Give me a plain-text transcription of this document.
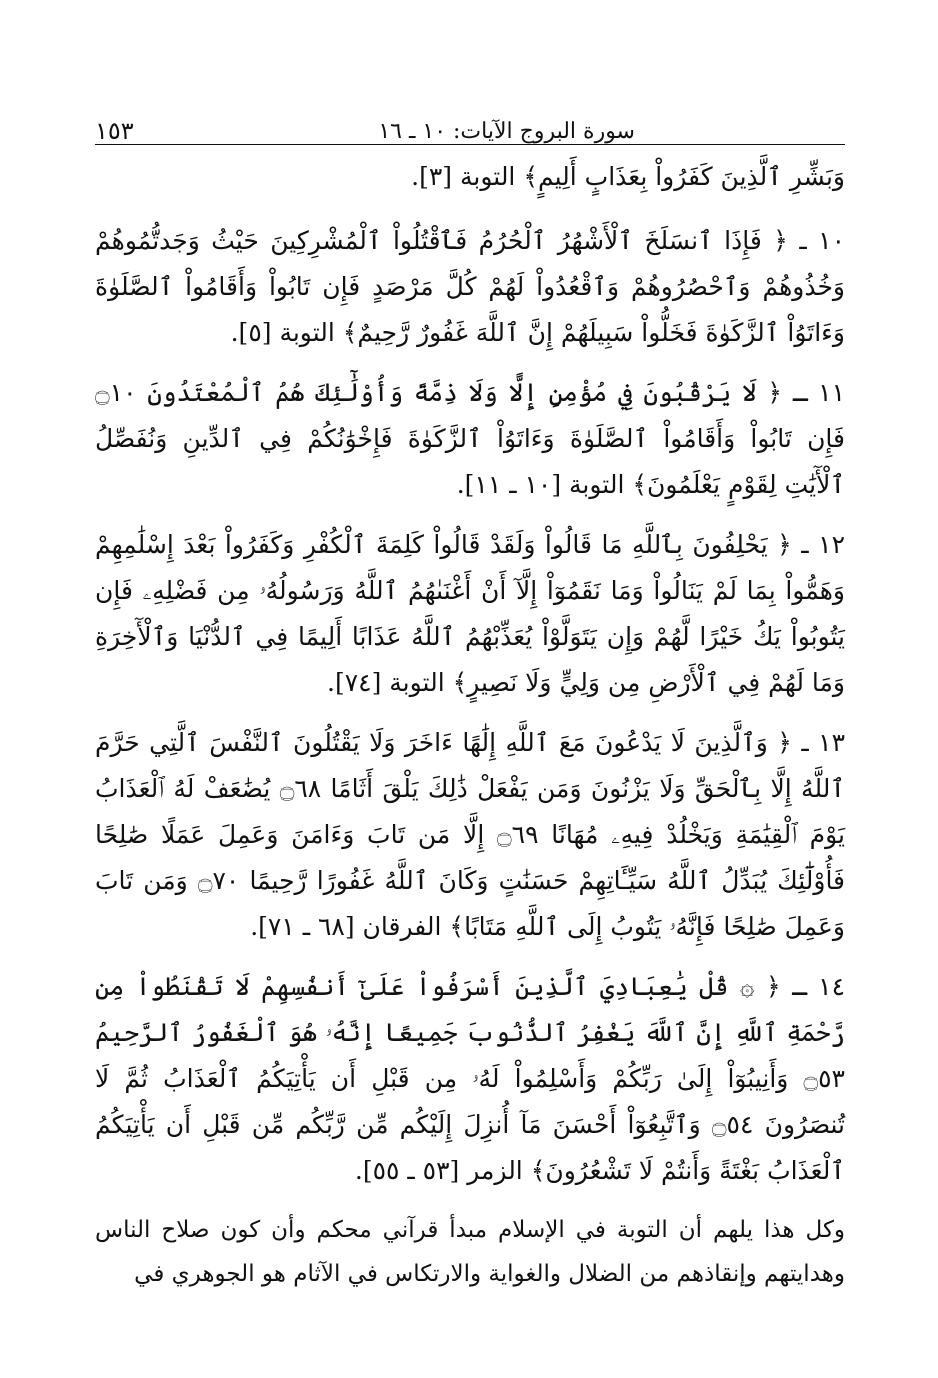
سورة البروج الآيات: ١٠ ـ ١٦
١٥٣

وَبَشِّرِ ٱلَّذِينَ كَفَرُواْ بِعَذَابٍ أَلِيمٍ﴾ التوبة [٣].

١٠ ـ ﴿ فَإِذَا ٱنسَلَخَ ٱلْأَشْهُرُ ٱلْحُرُمُ فَٱقْتُلُواْ ٱلْمُشْرِكِينَ حَيْثُ وَجَدتُّمُوهُمْ وَخُذُوهُمْ وَٱحْصُرُوهُمْ وَٱقْعُدُواْ لَهُمْ كُلَّ مَرْصَدٍ فَإِن تَابُواْ وَأَقَامُواْ ٱلصَّلَوٰةَ وَءَاتَوُاْ ٱلزَّكَوٰةَ فَخَلُّواْ سَبِيلَهُمْ إِنَّ ٱللَّهَ غَفُورٌ رَّحِيمٌ﴾ التوبة [٥].

١١ ـ ﴿ لَا يَرْقُبُونَ فِي مُؤْمِنٍ إِلًّا وَلَا ذِمَّةً وَأُوْلَٰٓئِكَ هُمُ ٱلْمُعْتَدُونَ ۝١٠ فَإِن تَابُواْ وَأَقَامُواْ ٱلصَّلَوٰةَ وَءَاتَوُاْ ٱلزَّكَوٰةَ فَإِخْوَٰنُكُمْ فِي ٱلدِّينِ وَنُفَصِّلُ ٱلْأٓيَٰتِ لِقَوْمٍ يَعْلَمُونَ﴾ التوبة [١٠ ـ ١١].

١٢ ـ ﴿ يَحْلِفُونَ بِٱللَّهِ مَا قَالُواْ وَلَقَدْ قَالُواْ كَلِمَةَ ٱلْكُفْرِ وَكَفَرُواْ بَعْدَ إِسْلَٰمِهِمْ وَهَمُّواْ بِمَا لَمْ يَنَالُواْ وَمَا نَقَمُوٓاْ إِلَّآ أَنْ أَغْنَىٰهُمُ ٱللَّهُ وَرَسُولُهُۥ مِن فَضْلِهِۦ فَإِن يَتُوبُواْ يَكُ خَيْرًا لَّهُمْ وَإِن يَتَوَلَّوْاْ يُعَذِّبْهُمُ ٱللَّهُ عَذَابًا أَلِيمًا فِي ٱلدُّنْيَا وَٱلْأٓخِرَةِ وَمَا لَهُمْ فِي ٱلْأَرْضِ مِن وَلِيٍّ وَلَا نَصِيرٍ﴾ التوبة [٧٤].

١٣ ـ ﴿ وَٱلَّذِينَ لَا يَدْعُونَ مَعَ ٱللَّهِ إِلَٰهًا ءَاخَرَ وَلَا يَقْتُلُونَ ٱلنَّفْسَ ٱلَّتِي حَرَّمَ ٱللَّهُ إِلَّا بِٱلْحَقِّ وَلَا يَزْنُونَ وَمَن يَفْعَلْ ذَٰلِكَ يَلْقَ أَثَامًا ۝٦٨ يُضَٰعَفْ لَهُ ٱلْعَذَابُ يَوْمَ ٱلْقِيَٰمَةِ وَيَخْلُدْ فِيهِۦ مُهَانًا ۝٦٩ إِلَّا مَن تَابَ وَءَامَنَ وَعَمِلَ عَمَلًا صَٰلِحًا فَأُوْلَٰٓئِكَ يُبَدِّلُ ٱللَّهُ سَيِّـَٔاتِهِمْ حَسَنَٰتٍ وَكَانَ ٱللَّهُ غَفُورًا رَّحِيمًا ۝٧٠ وَمَن تَابَ وَعَمِلَ صَٰلِحًا فَإِنَّهُۥ يَتُوبُ إِلَى ٱللَّهِ مَتَابًا﴾ الفرقان [٦٨ ـ ٧١].

١٤ ـ ﴿ ۞ قُلْ يَٰعِبَادِيَ ٱلَّذِينَ أَسْرَفُواْ عَلَىٰٓ أَنفُسِهِمْ لَا تَقْنَطُواْ مِن رَّحْمَةِ ٱللَّهِ إِنَّ ٱللَّهَ يَغْفِرُ ٱلذُّنُوبَ جَمِيعًا إِنَّهُۥ هُوَ ٱلْغَفُورُ ٱلرَّحِيمُ ۝٥٣ وَأَنِيبُوٓاْ إِلَىٰ رَبِّكُمْ وَأَسْلِمُواْ لَهُۥ مِن قَبْلِ أَن يَأْتِيَكُمُ ٱلْعَذَابُ ثُمَّ لَا تُنصَرُونَ ۝٥٤ وَٱتَّبِعُوٓاْ أَحْسَنَ مَآ أُنزِلَ إِلَيْكُم مِّن رَّبِّكُم مِّن قَبْلِ أَن يَأْتِيَكُمُ ٱلْعَذَابُ بَغْتَةً وَأَنتُمْ لَا تَشْعُرُونَ﴾ الزمر [٥٣ ـ ٥٥].

وكل هذا يلهم أن التوبة في الإسلام مبدأ قرآني محكم وأن كون صلاح الناس وهدايتهم وإنقاذهم من الضلال والغواية والارتكاس في الآثام هو الجوهري في
